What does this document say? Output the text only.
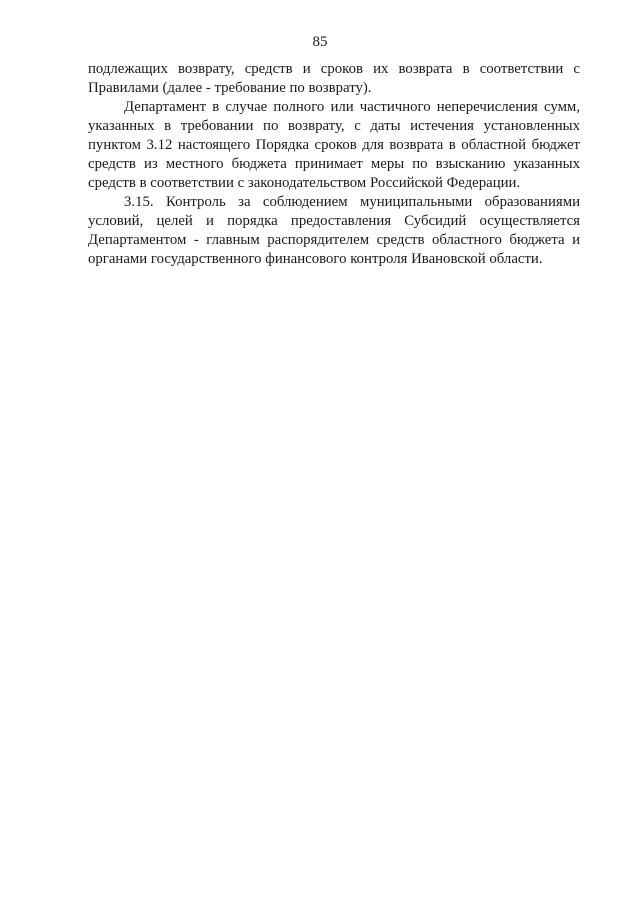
85

подлежащих возврату, средств и сроков их возврата в соответствии с Правилами (далее - требование по возврату).

Департамент в случае полного или частичного неперечисления сумм, указанных в требовании по возврату, с даты истечения установленных пунктом 3.12 настоящего Порядка сроков для возврата в областной бюджет средств из местного бюджета принимает меры по взысканию указанных средств в соответствии с законодательством Российской Федерации.

3.15. Контроль за соблюдением муниципальными образованиями условий, целей и порядка предоставления Субсидий осуществляется Департаментом - главным распорядителем средств областного бюджета и органами государственного финансового контроля Ивановской области.
